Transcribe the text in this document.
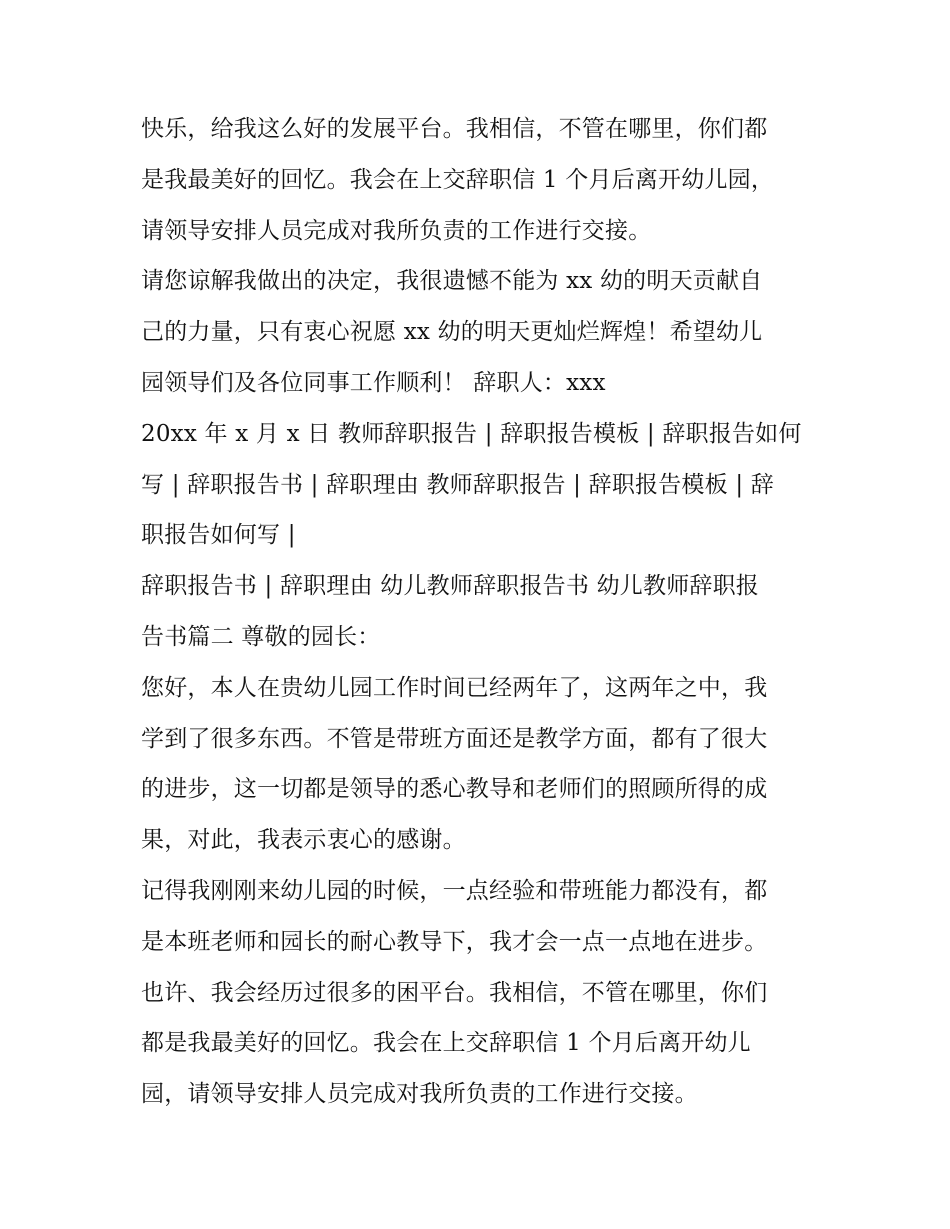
快乐，给我这么好的发展平台。我相信，不管在哪里，你们都
是我最美好的回忆。我会在上交辞职信 1 个月后离开幼儿园，
请领导安排人员完成对我所负责的工作进行交接。
请您谅解我做出的决定，我很遗憾不能为 xx 幼的明天贡献自
己的力量，只有衷心祝愿 xx 幼的明天更灿烂辉煌！希望幼儿
园领导们及各位同事工作顺利！ 辞职人：xxx
20xx 年 x 月 x 日 教师辞职报告 | 辞职报告模板 | 辞职报告如何
写 | 辞职报告书 | 辞职理由 教师辞职报告 | 辞职报告模板 | 辞
职报告如何写 |
辞职报告书 | 辞职理由 幼儿教师辞职报告书 幼儿教师辞职报
告书篇二 尊敬的园长：
您好，本人在贵幼儿园工作时间已经两年了，这两年之中，我
学到了很多东西。不管是带班方面还是教学方面，都有了很大
的进步，这一切都是领导的悉心教导和老师们的照顾所得的成
果，对此，我表示衷心的感谢。
记得我刚刚来幼儿园的时候，一点经验和带班能力都没有，都
是本班老师和园长的耐心教导下，我才会一点一点地在进步。
也许、我会经历过很多的困平台。我相信，不管在哪里，你们
都是我最美好的回忆。我会在上交辞职信 1 个月后离开幼儿
园，请领导安排人员完成对我所负责的工作进行交接。
